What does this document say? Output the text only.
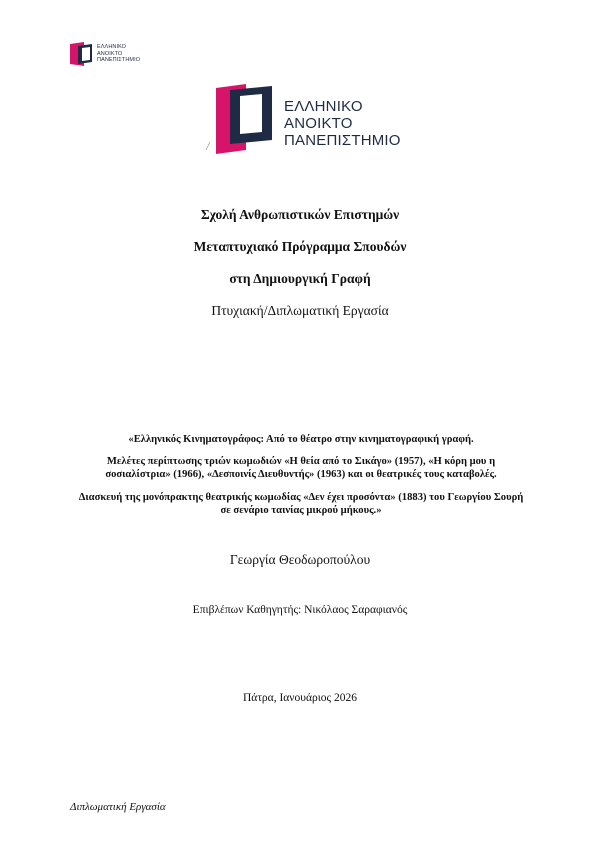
ΕΛΛΗΝΙΚΟ
ΑΝΟΙΚΤΟ
ΠΑΝΕΠΙΣΤΗΜΙΟ
ΕΛΛΗΝΙΚΟ
ΑΝΟΙΚΤΟ
ΠΑΝΕΠΙΣΤΗΜΙΟ
Σχολή Ανθρωπιστικών Επιστημών
Μεταπτυχιακό Πρόγραμμα Σπουδών
στη Δημιουργική Γραφή
Πτυχιακή/Διπλωματική Εργασία
«Ελληνικός Κινηματογράφος: Από το θέατρο στην κινηματογραφική γραφή.
Μελέτες περίπτωσης τριών κωμωδιών «Η θεία από το Σικάγο» (1957), «Η κόρη μου η σοσιαλίστρια» (1966), «Δεσποινίς Διευθυντής» (1963) και οι θεατρικές τους καταβολές.
Διασκευή της μονόπρακτης θεατρικής κωμωδίας «Δεν έχει προσόντα» (1883) του Γεωργίου Σουρή σε σενάριο ταινίας μικρού μήκους.»
Γεωργία Θεοδωροπούλου
Επιβλέπων Καθηγητής: Νικόλαος Σαραφιανός
Πάτρα, Ιανουάριος 2026
Διπλωματική Εργασία
